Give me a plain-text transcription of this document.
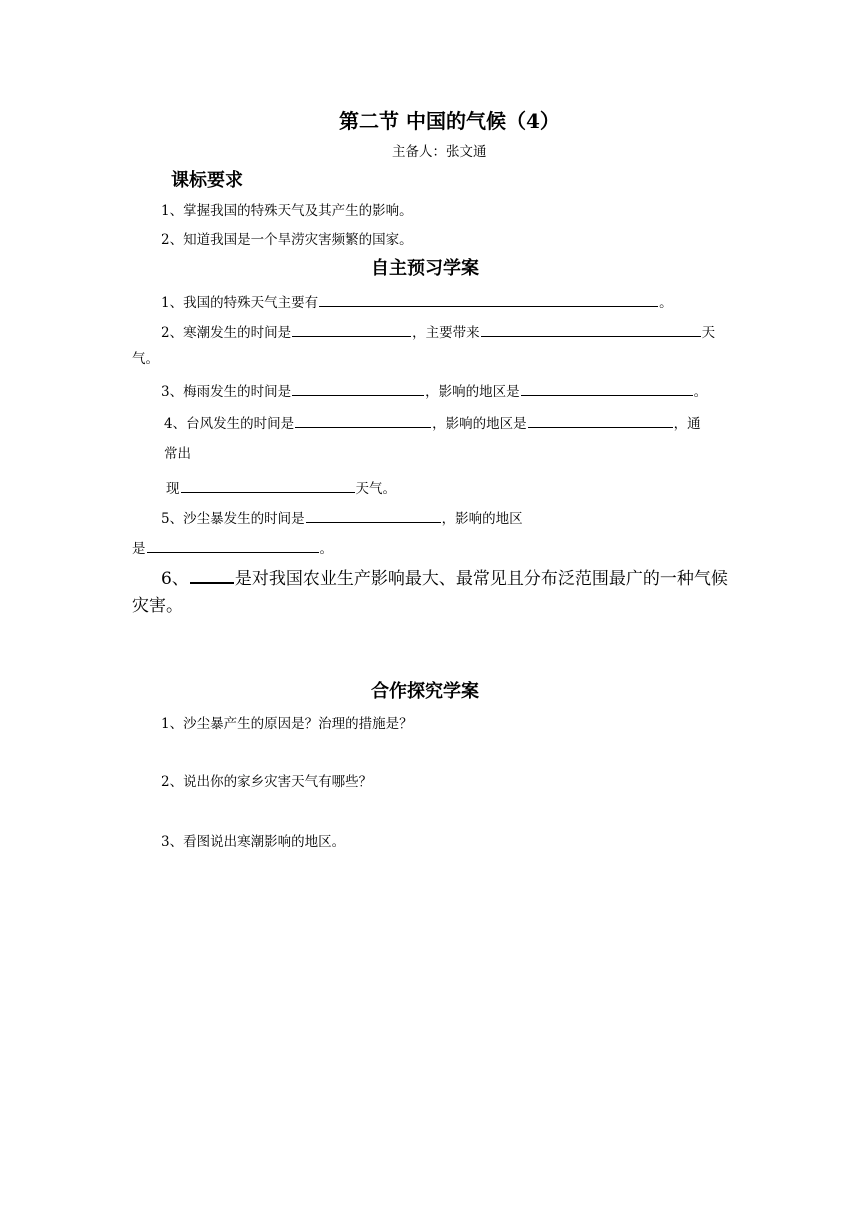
第二节 中国的气候（4）
主备人：张文通
课标要求
1、掌握我国的特殊天气及其产生的影响。
2、知道我国是一个旱涝灾害频繁的国家。
自主预习学案
1、我国的特殊天气主要有	。
2、寒潮发生的时间是	，主要带来	天
气。
3、梅雨发生的时间是	，影响的地区是	。
4、台风发生的时间是	，影响的地区是	，通
常出
现	天气。
5、沙尘暴发生的时间是	，影响的地区
是	。
6、	是对我国农业生产影响最大、最常见且分布泛范围最广的一种气候
灾害。
合作探究学案
1、沙尘暴产生的原因是？治理的措施是？
2、说出你的家乡灾害天气有哪些？
3、看图说出寒潮影响的地区。
